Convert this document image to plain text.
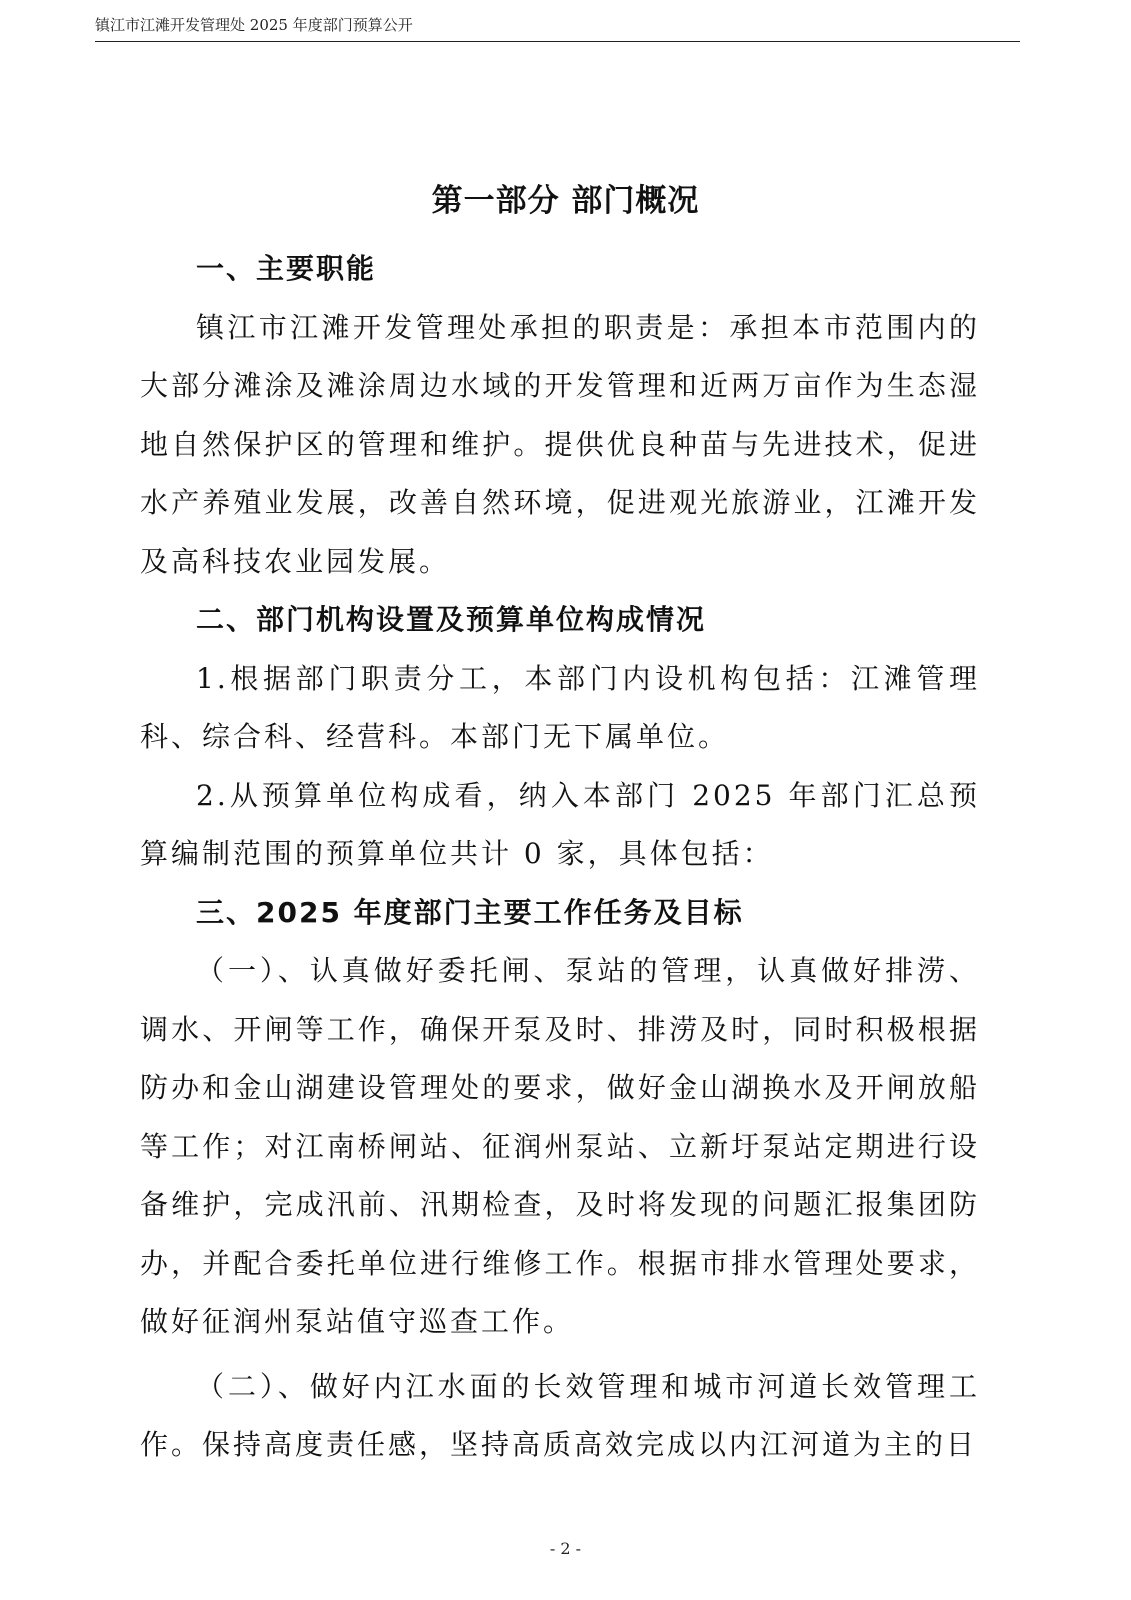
镇江市江滩开发管理处 2025 年度部门预算公开
第一部分 部门概况
一、主要职能

镇江市江滩开发管理处承担的职责是：承担本市范围内的大部分滩涂及滩涂周边水域的开发管理和近两万亩作为生态湿地自然保护区的管理和维护。提供优良种苗与先进技术，促进水产养殖业发展，改善自然环境，促进观光旅游业，江滩开发及高科技农业园发展。

二、部门机构设置及预算单位构成情况

1.根据部门职责分工，本部门内设机构包括：江滩管理科、综合科、经营科。本部门无下属单位。

2.从预算单位构成看，纳入本部门 2025 年部门汇总预算编制范围的预算单位共计 0 家，具体包括：

三、2025 年度部门主要工作任务及目标

（一）、认真做好委托闸、泵站的管理，认真做好排涝、调水、开闸等工作，确保开泵及时、排涝及时，同时积极根据防办和金山湖建设管理处的要求，做好金山湖换水及开闸放船等工作；对江南桥闸站、征润州泵站、立新圩泵站定期进行设备维护，完成汛前、汛期检查，及时将发现的问题汇报集团防办，并配合委托单位进行维修工作。根据市排水管理处要求，做好征润州泵站值守巡查工作。

（二）、做好内江水面的长效管理和城市河道长效管理工作。保持高度责任感，坚持高质高效完成以内江河道为主的日

- 2 -
